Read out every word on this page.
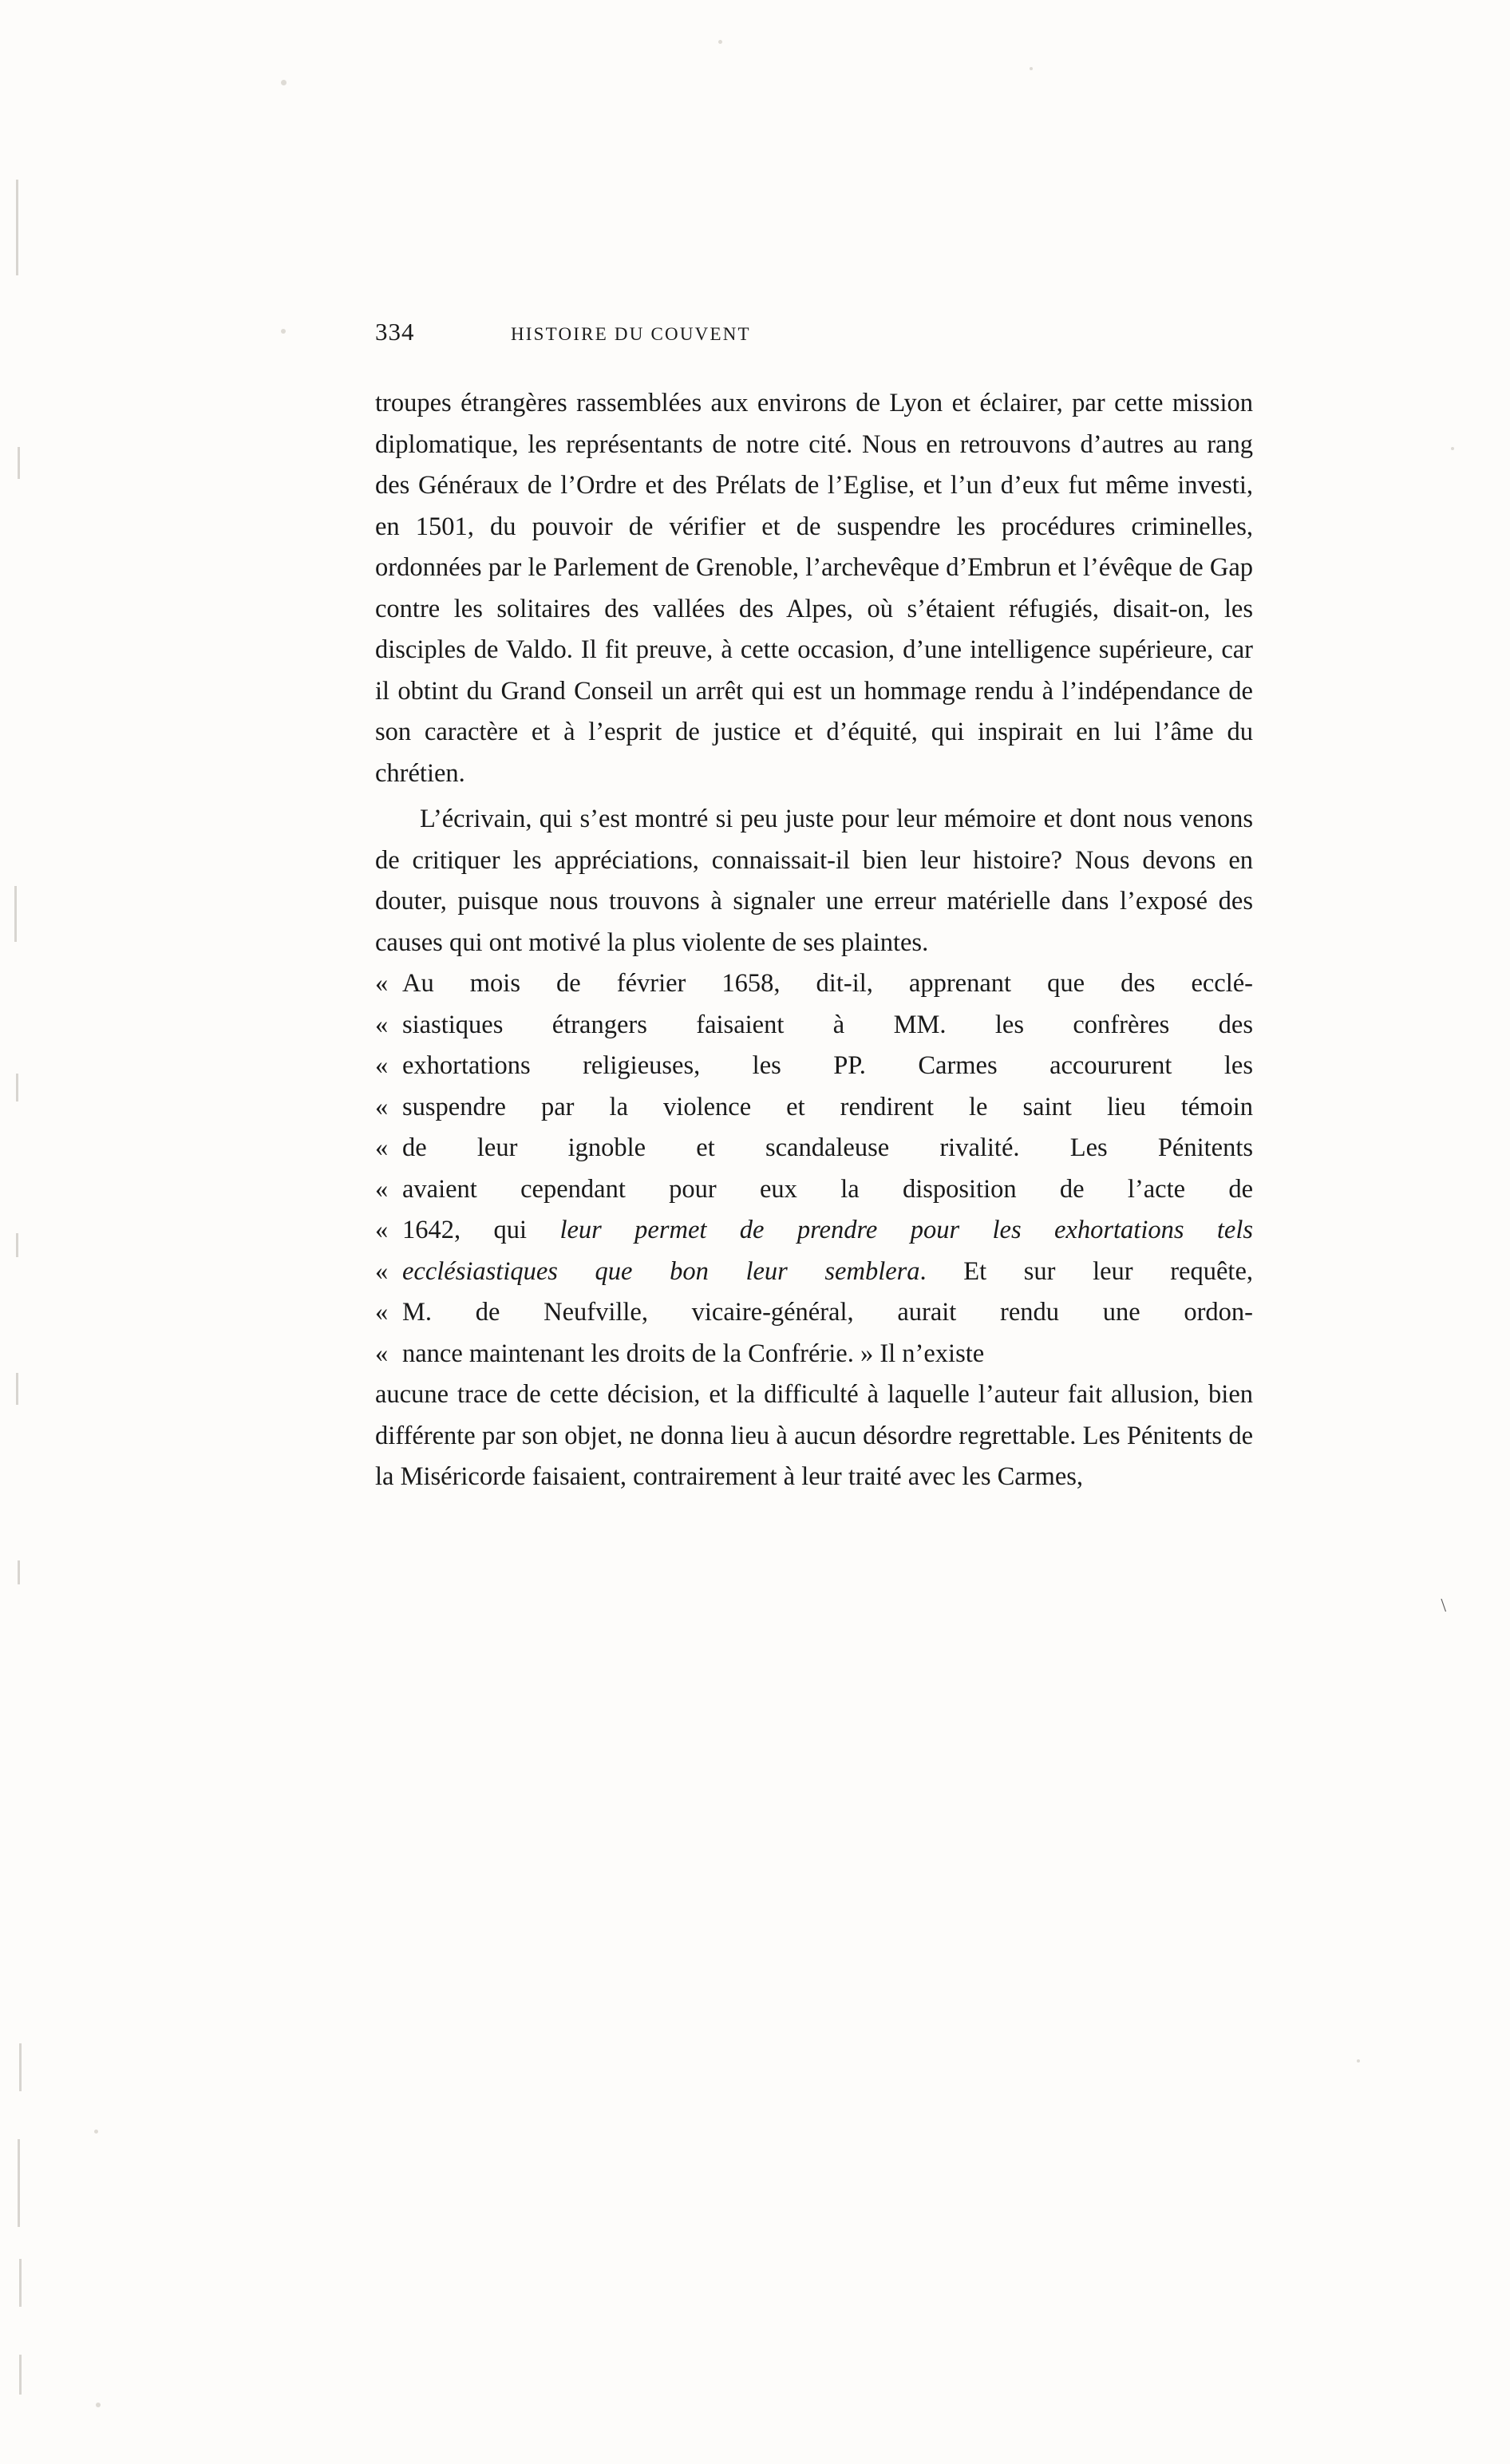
334	HISTOIRE DU COUVENT

troupes étrangères rassemblées aux environs de Lyon et éclairer, par cette mission diplomatique, les représentants de notre cité. Nous en retrouvons d’autres au rang des Généraux de l’Ordre et des Prélats de l’Eglise, et l’un d’eux fut même investi, en 1501, du pouvoir de vérifier et de suspendre les procédures criminelles, ordonnées par le Parlement de Grenoble, l’archevêque d’Embrun et l’évêque de Gap contre les solitaires des vallées des Alpes, où s’étaient réfugiés, disait-on, les disciples de Valdo. Il fit preuve, à cette occasion, d’une intelligence supérieure, car il obtint du Grand Conseil un arrêt qui est un hommage rendu à l’indépendance de son caractère et à l’esprit de justice et d’équité, qui inspirait en lui l’âme du chrétien.

L’écrivain, qui s’est montré si peu juste pour leur mémoire et dont nous venons de critiquer les appréciations, connaissait-il bien leur histoire? Nous devons en douter, puisque nous trouvons à signaler une erreur matérielle dans l’exposé des causes qui ont motivé la plus violente de ses plaintes.

« Au mois de février 1658, dit-il, apprenant que des ecclé-
« siastiques étrangers faisaient à MM. les confrères des
« exhortations religieuses, les PP. Carmes accoururent les
« suspendre par la violence et rendirent le saint lieu témoin
« de leur ignoble et scandaleuse rivalité. Les Pénitents
« avaient cependant pour eux la disposition de l’acte de
« 1642, qui leur permet de prendre pour les exhortations tels
« ecclésiastiques que bon leur semblera. Et sur leur requête,
« M. de Neufville, vicaire-général, aurait rendu une ordon-
« nance maintenant les droits de la Confrérie. » Il n’existe

aucune trace de cette décision, et la difficulté à laquelle l’auteur fait allusion, bien différente par son objet, ne donna lieu à aucun désordre regrettable. Les Pénitents de la Miséricorde faisaient, contrairement à leur traité avec les Carmes,

\
